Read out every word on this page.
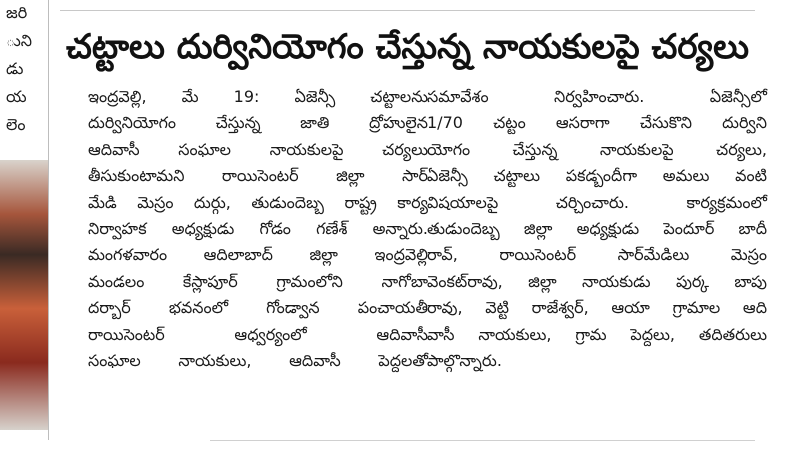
జరి
ుని
డు
య
లెం
చట్టాలు దుర్వినియోగం చేస్తున్న నాయకులపై చర్యలు
ఇంద్రవెల్లి, మే 19: ఏజెన్సీ చట్టాలను
దుర్వినియోగం చేస్తున్న జాతి ద్రోహులైన
ఆదివాసీ సంఘాల నాయకులపై చర్యలు
తీసుకుంటామని రాయిసెంటర్ జిల్లా సార్
మేడి మెస్రం దుర్గు, తుడుందెబ్బ రాష్ట్ర కార్య
నిర్వాహక అధ్యక్షుడు గోడం గణేశ్ అన్నారు.
మంగళవారం ఆదిలాబాద్ జిల్లా ఇంద్రవెల్లి
మండలం కేస్లాపూర్ గ్రామంలోని నాగోబా
దర్బార్ భవనంలో గోండ్వాన పంచాయతీ
రాయిసెంటర్ ఆధ్వర్యంలో ఆదివాసీ
సంఘాల నాయకులు, ఆదివాసీ పెద్దలతో
సమావేశం నిర్వహించారు. ఏజెన్సీలో
1/70 చట్టం ఆసరాగా చేసుకొని దుర్విని
యోగం చేస్తున్న నాయకులపై చర్యలు,
ఏజెన్సీ చట్టాలు పకడ్బందీగా అమలు వంటి
విషయాలపై చర్చించారు. కార్యక్రమంలో
తుడుందెబ్బ జిల్లా అధ్యక్షుడు పెందూర్ బాదీ
రావ్, రాయిసెంటర్ సార్‌మేడిలు మెస్రం
వెంకట్‌రావు, జిల్లా నాయకుడు పుర్క బాపు
రావు, వెట్టి రాజేశ్వర్, ఆయా గ్రామాల ఆది
వాసీ నాయకులు, గ్రామ పెద్దలు, తదితరులు
పాల్గొన్నారు.
